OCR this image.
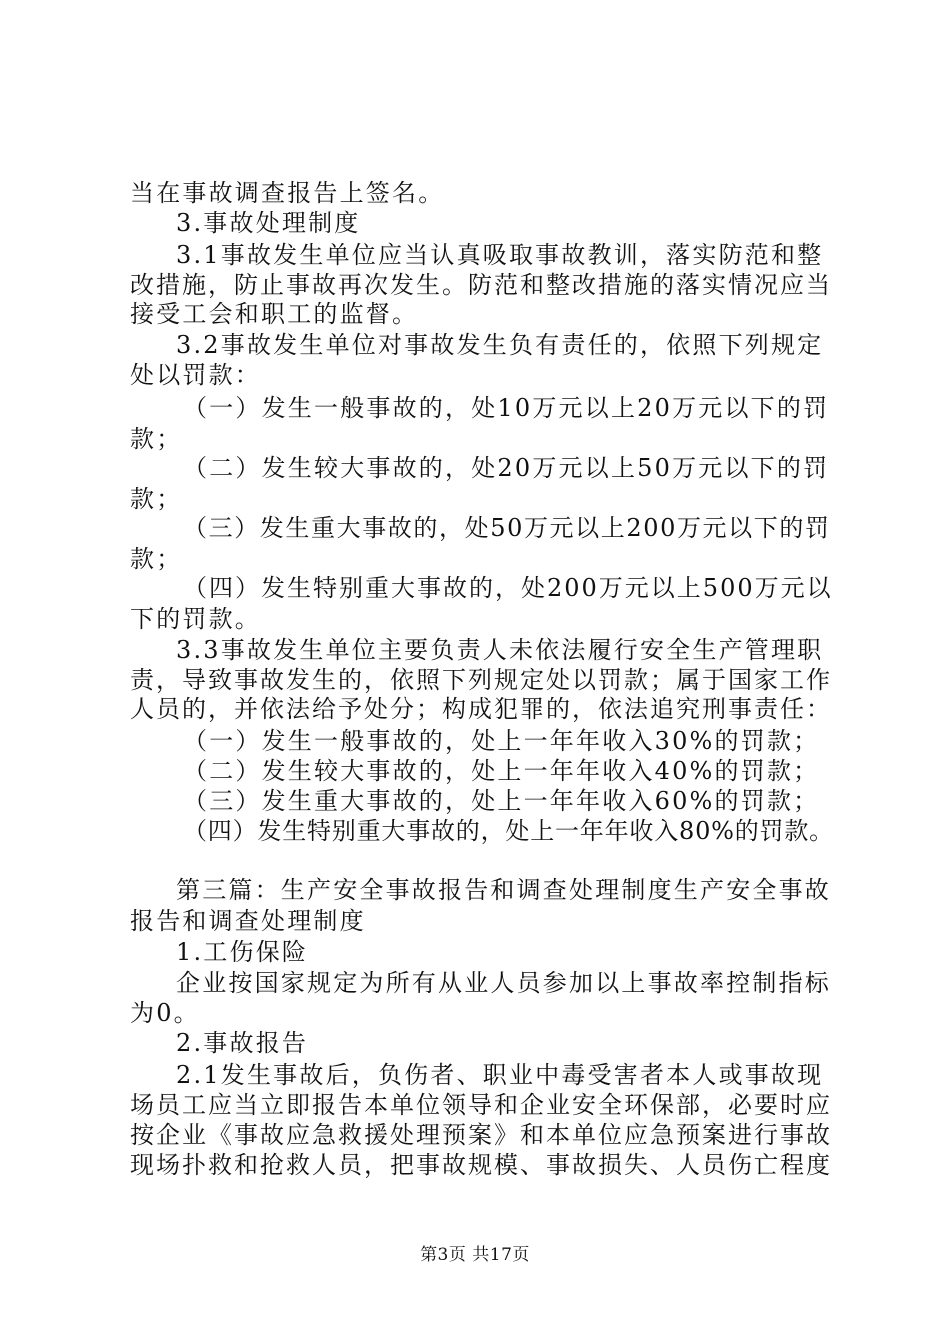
当在事故调查报告上签名。
3.事故处理制度
3.1事故发生单位应当认真吸取事故教训，落实防范和整
改措施，防止事故再次发生。防范和整改措施的落实情况应当
接受工会和职工的监督。
3.2事故发生单位对事故发生负有责任的，依照下列规定
处以罚款：
（一）发生一般事故的，处10万元以上20万元以下的罚
款；
（二）发生较大事故的，处20万元以上50万元以下的罚
款；
（三）发生重大事故的，处50万元以上200万元以下的罚
款；
（四）发生特别重大事故的，处200万元以上500万元以
下的罚款。
3.3事故发生单位主要负责人未依法履行安全生产管理职
责，导致事故发生的，依照下列规定处以罚款；属于国家工作
人员的，并依法给予处分；构成犯罪的，依法追究刑事责任：
（一）发生一般事故的，处上一年年收入30%的罚款；
（二）发生较大事故的，处上一年年收入40%的罚款；
（三）发生重大事故的，处上一年年收入60%的罚款；
（四）发生特别重大事故的，处上一年年收入80%的罚款。
第三篇：生产安全事故报告和调查处理制度生产安全事故
报告和调查处理制度
1.工伤保险
企业按国家规定为所有从业人员参加以上事故率控制指标
为0。
2.事故报告
2.1发生事故后，负伤者、职业中毒受害者本人或事故现
场员工应当立即报告本单位领导和企业安全环保部，必要时应
按企业《事故应急救援处理预案》和本单位应急预案进行事故
现场扑救和抢救人员，把事故规模、事故损失、人员伤亡程度
第3页 共17页
